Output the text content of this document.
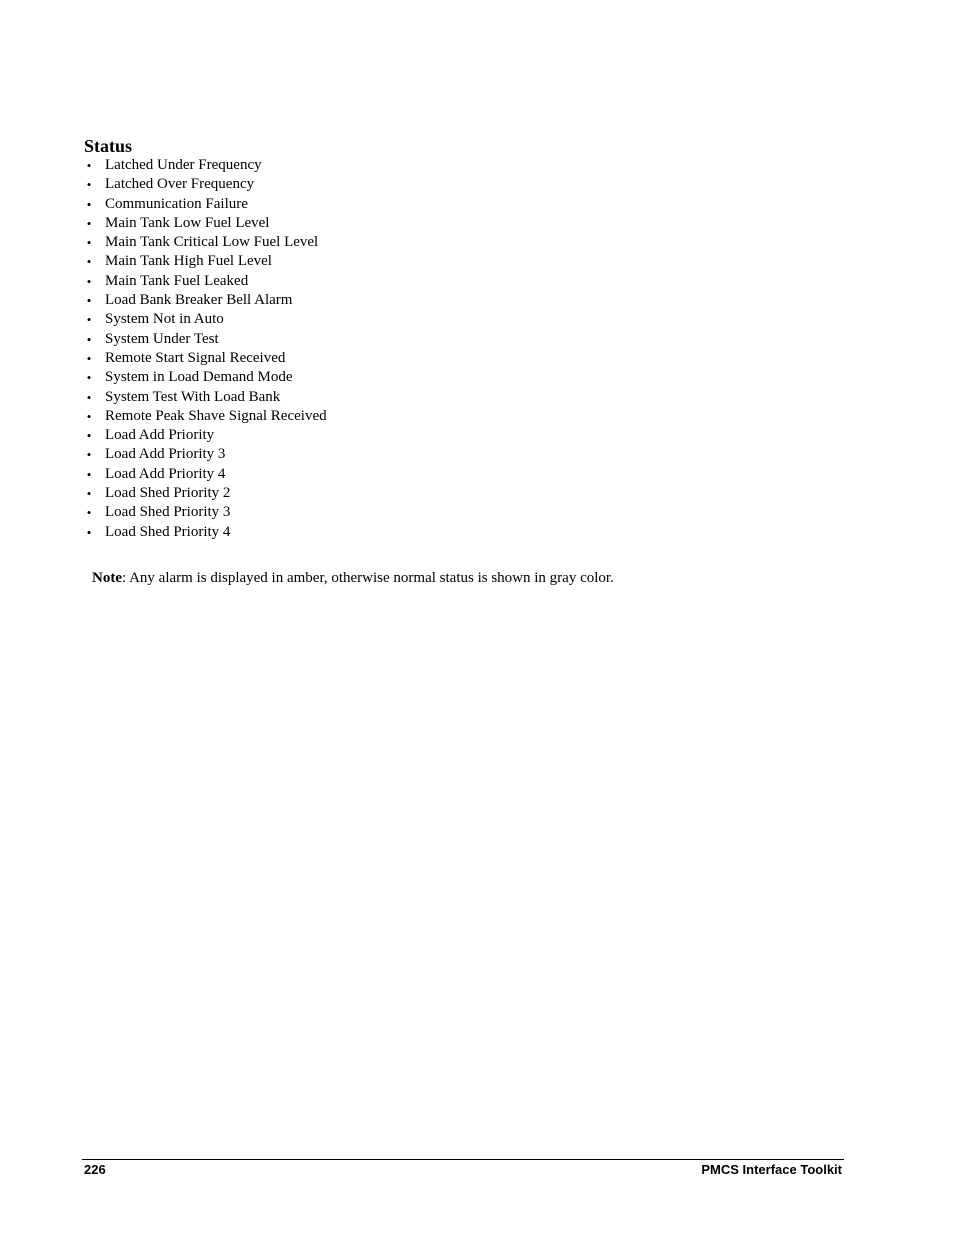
Status
• Latched Under Frequency
• Latched Over Frequency
• Communication Failure
• Main Tank Low Fuel Level
• Main Tank Critical Low Fuel Level
• Main Tank High Fuel Level
• Main Tank Fuel Leaked
• Load Bank Breaker Bell Alarm
• System Not in Auto
• System Under Test
• Remote Start Signal Received
• System in Load Demand Mode
• System Test With Load Bank
• Remote Peak Shave Signal Received
• Load Add Priority
• Load Add Priority 3
• Load Add Priority 4
• Load Shed Priority 2
• Load Shed Priority 3
• Load Shed Priority 4

Note: Any alarm is displayed in amber, otherwise normal status is shown in gray color.

226	PMCS Interface Toolkit
